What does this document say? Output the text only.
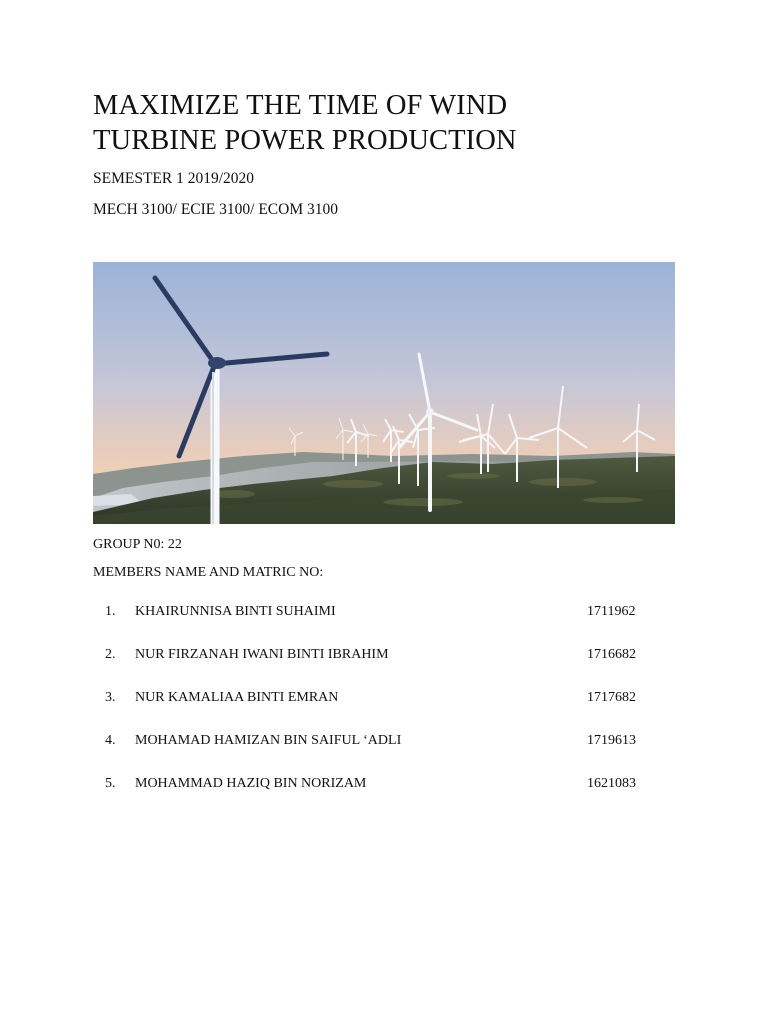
MAXIMIZE THE TIME OF WIND
TURBINE POWER PRODUCTION
SEMESTER 1 2019/2020
MECH 3100/ ECIE 3100/ ECOM 3100
GROUP N0: 22
MEMBERS NAME AND MATRIC NO:
1. KHAIRUNNISA BINTI SUHAIMI	1711962
2. NUR FIRZANAH IWANI BINTI IBRAHIM	1716682
3. NUR KAMALIAA BINTI EMRAN	1717682
4. MOHAMAD HAMIZAN BIN SAIFUL ‘ADLI	1719613
5. MOHAMMAD HAZIQ BIN NORIZAM	1621083
